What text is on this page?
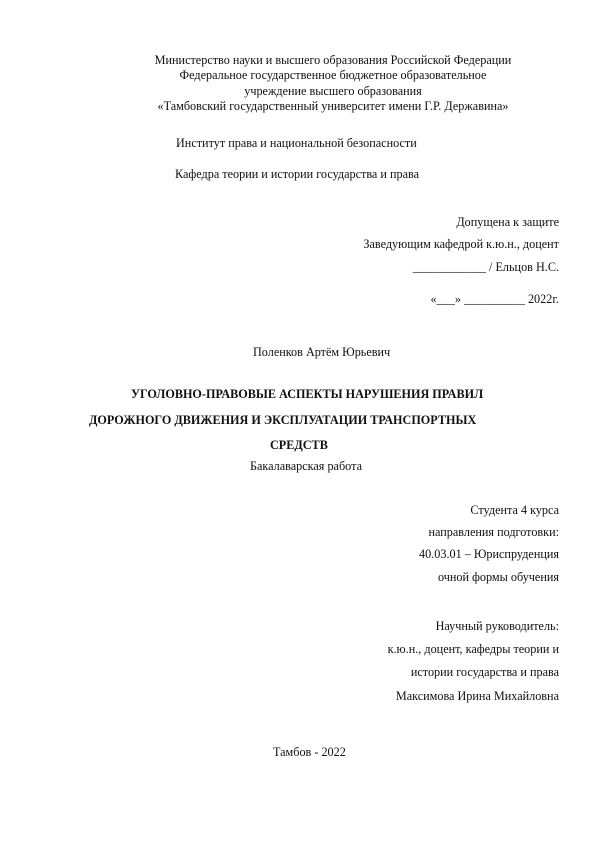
Министерство науки и высшего образования Российской Федерации
Федеральное государственное бюджетное образовательное
учреждение высшего образования
«Тамбовский государственный университет имени Г.Р. Державина»
Институт права и национальной безопасности
Кафедра теории и истории государства и права
Допущена к защите
Заведующим кафедрой к.ю.н., доцент
____________ / Ельцов Н.С.
«___» __________ 2022г.
Поленков Артём Юрьевич
УГОЛОВНО-ПРАВОВЫЕ АСПЕКТЫ НАРУШЕНИЯ ПРАВИЛ
ДОРОЖНОГО ДВИЖЕНИЯ И ЭКСПЛУАТАЦИИ ТРАНСПОРТНЫХ
СРЕДСТВ
Бакалаварская работа
Студента 4 курса
направления подготовки:
40.03.01 – Юриспруденция
очной формы обучения
Научный руководитель:
к.ю.н., доцент, кафедры теории и
истории государства и права
Максимова Ирина Михайловна
Тамбов - 2022
